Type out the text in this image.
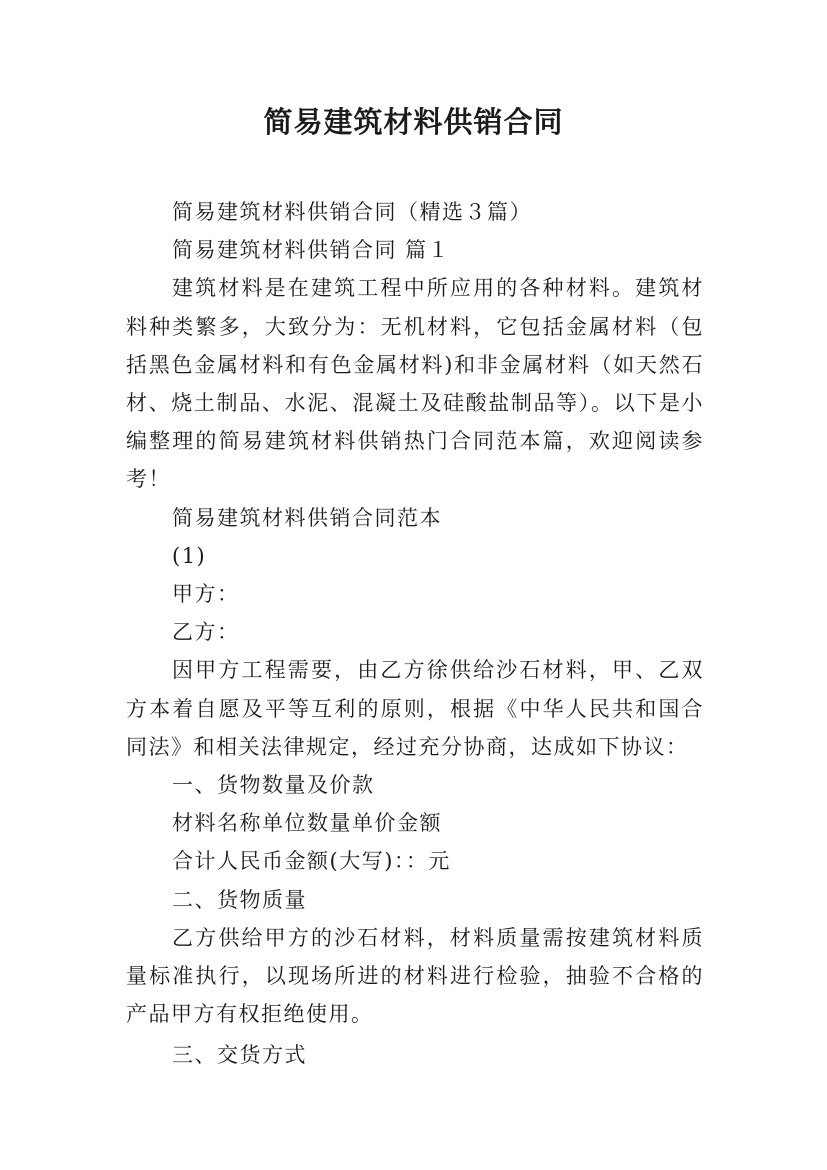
简易建筑材料供销合同

简易建筑材料供销合同（精选３篇）

简易建筑材料供销合同 篇１

建筑材料是在建筑工程中所应用的各种材料。建筑材料种类繁多，大致分为：无机材料，它包括金属材料（包括黑色金属材料和有色金属材料)和非金属材料（如天然石材、烧土制品、水泥、混凝土及硅酸盐制品等）。以下是小编整理的简易建筑材料供销热门合同范本篇，欢迎阅读参考！

简易建筑材料供销合同范本

(1)

甲方：

乙方：

因甲方工程需要，由乙方徐供给沙石材料，甲、乙双方本着自愿及平等互利的原则，根据《中华人民共和国合同法》和相关法律规定，经过充分协商，达成如下协议：

一、货物数量及价款

材料名称单位数量单价金额

合计人民币金额(大写)：：元

二、货物质量

乙方供给甲方的沙石材料，材料质量需按建筑材料质量标准执行，以现场所进的材料进行检验，抽验不合格的产品甲方有权拒绝使用。

三、交货方式
